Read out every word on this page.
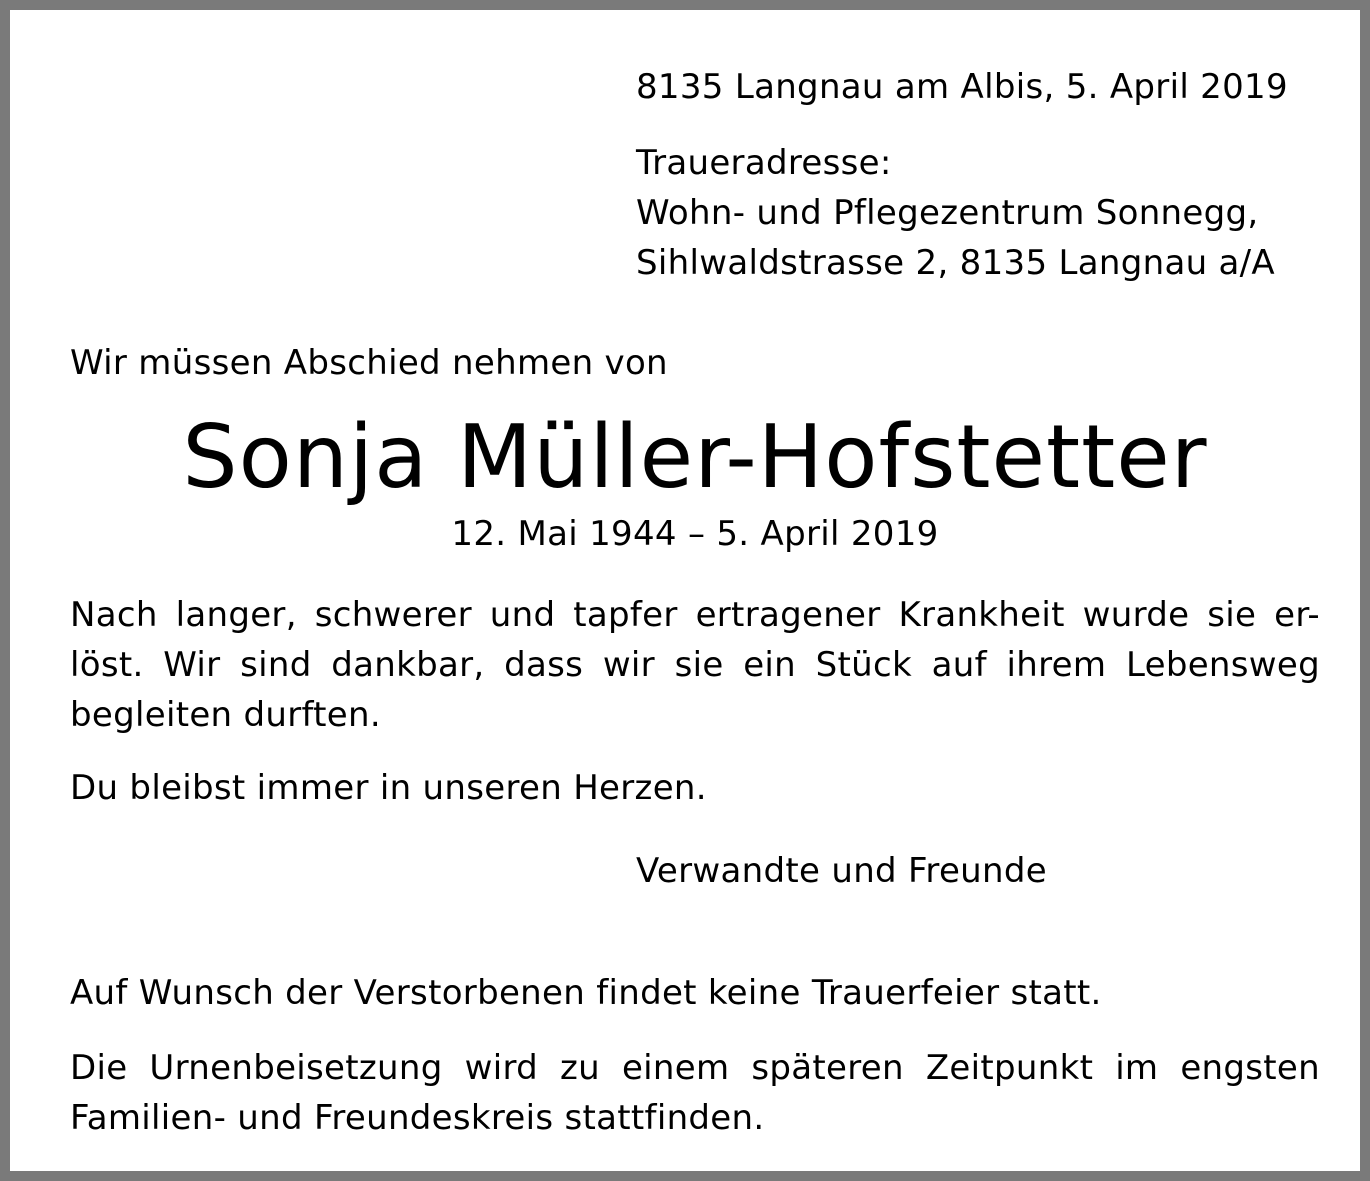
8135 Langnau am Albis, 5. April 2019

Traueradresse:
Wohn- und Pflegezentrum Sonnegg,
Sihlwaldstrasse 2, 8135 Langnau a/A

Wir müssen Abschied nehmen von

Sonja Müller-Hofstetter

12. Mai 1944 – 5. April 2019

Nach langer, schwerer und tapfer ertragener Krankheit wurde sie er-
löst. Wir sind dankbar, dass wir sie ein Stück auf ihrem Lebensweg
begleiten durften.

Du bleibst immer in unseren Herzen.

Verwandte und Freunde

Auf Wunsch der Verstorbenen findet keine Trauerfeier statt.

Die Urnenbeisetzung wird zu einem späteren Zeitpunkt im engsten
Familien- und Freundeskreis stattfinden.
